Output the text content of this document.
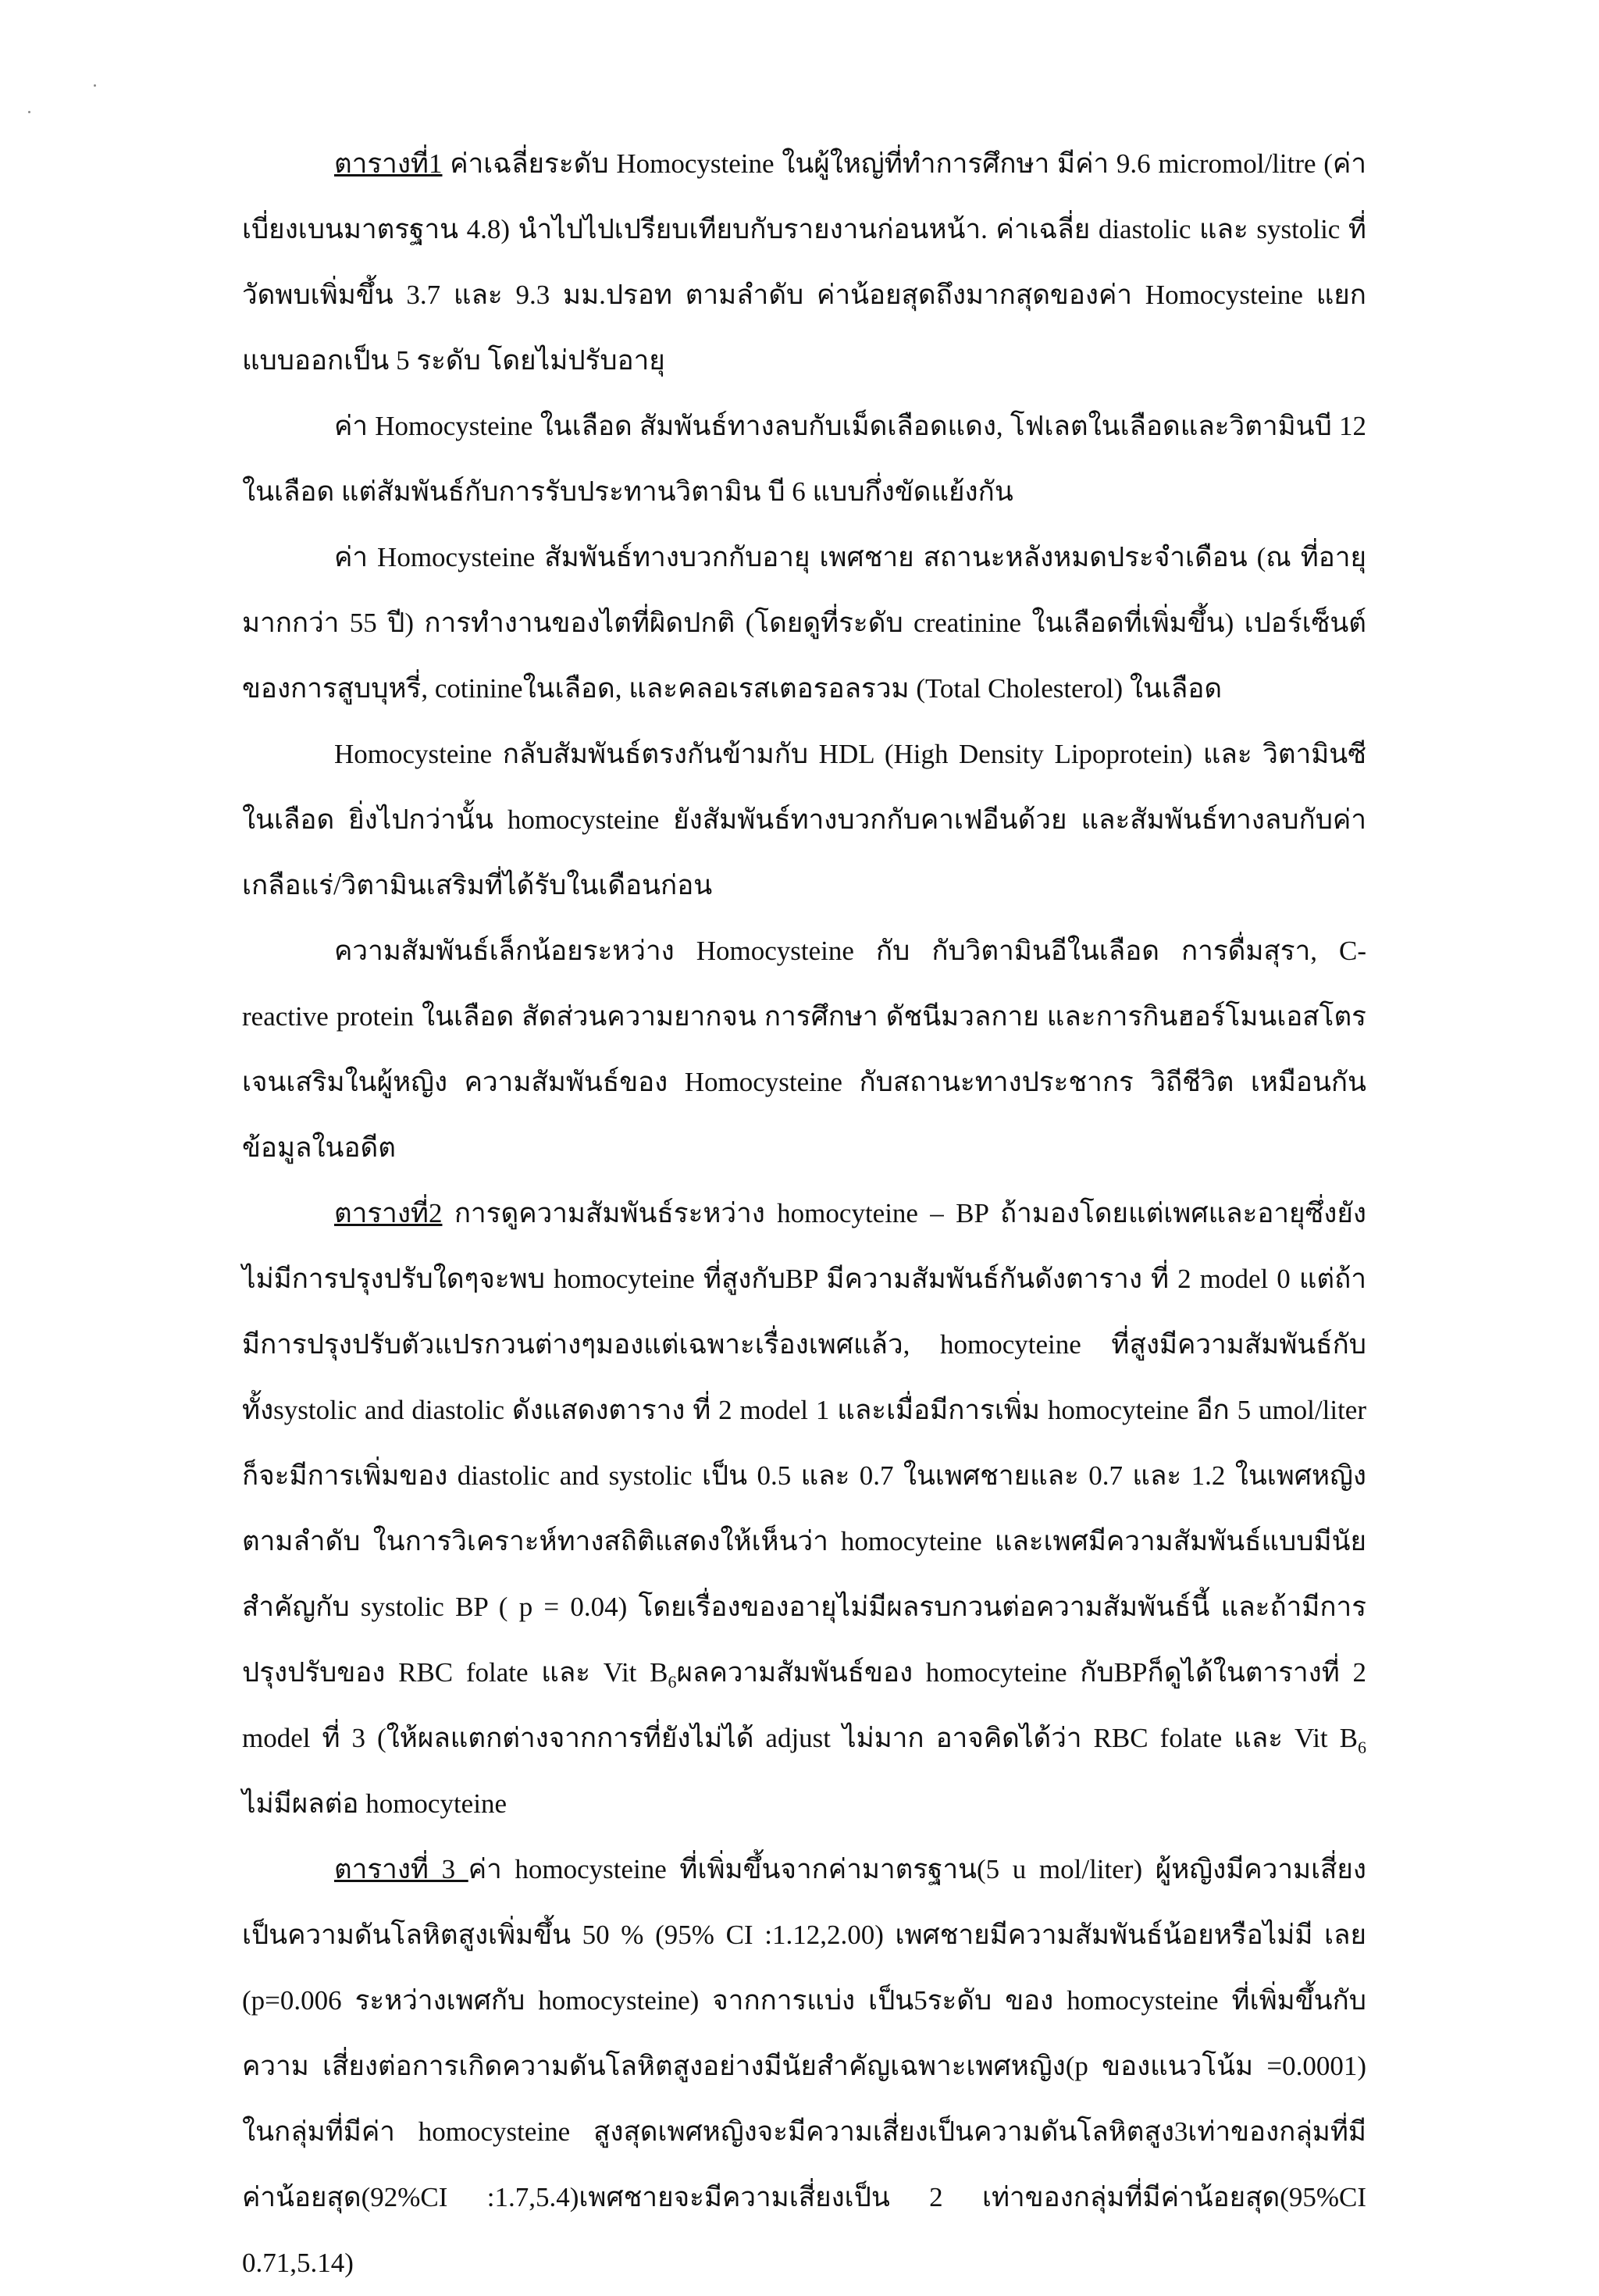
ตารางที่1 ค่าเฉลี่ยระดับ Homocysteine ในผู้ใหญ่ที่ทำการศึกษา มีค่า 9.6 micromol/litre (ค่าเบี่ยงเบนมาตรฐาน 4.8) นำไปไปเปรียบเทียบกับรายงานก่อนหน้า. ค่าเฉลี่ย diastolic และ systolic ที่วัดพบเพิ่มขึ้น 3.7 และ 9.3 มม.ปรอท ตามลำดับ ค่าน้อยสุดถึงมากสุดของค่า Homocysteine แยกแบบออกเป็น 5 ระดับ โดยไม่ปรับอายุ

ค่า Homocysteine ในเลือด สัมพันธ์ทางลบกับเม็ดเลือดแดง, โฟเลตในเลือดและวิตามินบี 12 ในเลือด แต่สัมพันธ์กับการรับประทานวิตามิน บี 6 แบบกึ่งขัดแย้งกัน

ค่า Homocysteine สัมพันธ์ทางบวกกับอายุ เพศชาย สถานะหลังหมดประจำเดือน (ณ ที่อายุมากกว่า 55 ปี) การทำงานของไตที่ผิดปกติ (โดยดูที่ระดับ creatinine ในเลือดที่เพิ่มขึ้น) เปอร์เซ็นต์ของการสูบบุหรี่, cotinineในเลือด, และคลอเรสเตอรอลรวม (Total Cholesterol) ในเลือด

Homocysteine กลับสัมพันธ์ตรงกันข้ามกับ HDL (High Density Lipoprotein) และ วิตามินซีในเลือด ยิ่งไปกว่านั้น homocysteine ยังสัมพันธ์ทางบวกกับคาเฟอีนด้วย และสัมพันธ์ทางลบกับค่าเกลือแร่/วิตามินเสริมที่ได้รับในเดือนก่อน

ความสัมพันธ์เล็กน้อยระหว่าง Homocysteine กับ กับวิตามินอีในเลือด การดื่มสุรา, C-reactive protein ในเลือด สัดส่วนความยากจน การศึกษา ดัชนีมวลกาย และการกินฮอร์โมนเอสโตรเจนเสริมในผู้หญิง ความสัมพันธ์ของ Homocysteine กับสถานะทางประชากร วิถีชีวิต เหมือนกันข้อมูลในอดีต

ตารางที่2 การดูความสัมพันธ์ระหว่าง homocyteine – BP ถ้ามองโดยแต่เพศและอายุซึ่งยังไม่มีการปรุงปรับใดๆจะพบ homocyteine ที่สูงกับBP มีความสัมพันธ์กันดังตาราง ที่ 2 model 0 แต่ถ้ามีการปรุงปรับตัวแปรกวนต่างๆมองแต่เฉพาะเรื่องเพศแล้ว, homocyteine ที่สูงมีความสัมพันธ์กับทั้งsystolic and diastolic ดังแสดงตาราง ที่ 2 model 1 และเมื่อมีการเพิ่ม homocyteine อีก 5 umol/liter ก็จะมีการเพิ่มของ diastolic and systolic เป็น 0.5 และ 0.7 ในเพศชายและ 0.7 และ 1.2 ในเพศหญิงตามลำดับ ในการวิเคราะห์ทางสถิติแสดงให้เห็นว่า homocyteine และเพศมีความสัมพันธ์แบบมีนัยสำคัญกับ systolic BP ( p = 0.04) โดยเรื่องของอายุไม่มีผลรบกวนต่อความสัมพันธ์นี้ และถ้ามีการปรุงปรับของ RBC folate และ Vit $B_6$ผลความสัมพันธ์ของ homocyteine กับBPก็ดูได้ในตารางที่ 2 model ที่ 3 (ให้ผลแตกต่างจากการที่ยังไม่ได้ adjust ไม่มาก อาจคิดได้ว่า RBC folate และ Vit $B_6$ ไม่มีผลต่อ homocyteine

ตารางที่ 3 ค่า homocysteine ที่เพิ่มขึ้นจากค่ามาตรฐาน(5 u mol/liter) ผู้หญิงมีความเสี่ยงเป็นความดันโลหิตสูงเพิ่มขึ้น 50 % (95% CI :1.12,2.00) เพศชายมีความสัมพันธ์น้อยหรือไม่มี เลย (p=0.006 ระหว่างเพศกับ homocysteine) จากการแบ่ง เป็น5ระดับ ของ homocysteine ที่เพิ่มขึ้นกับความ เสี่ยงต่อการเกิดความดันโลหิตสูงอย่างมีนัยสำคัญเฉพาะเพศหญิง(p ของแนวโน้ม =0.0001) ในกลุ่มที่มีค่า homocysteine สูงสุดเพศหญิงจะมีความเสี่ยงเป็นความดันโลหิตสูง3เท่าของกลุ่มที่มีค่าน้อยสุด(92%CI :1.7,5.4)เพศชายจะมีความเสี่ยงเป็น 2 เท่าของกลุ่มที่มีค่าน้อยสุด(95%CI 0.71,5.14)
